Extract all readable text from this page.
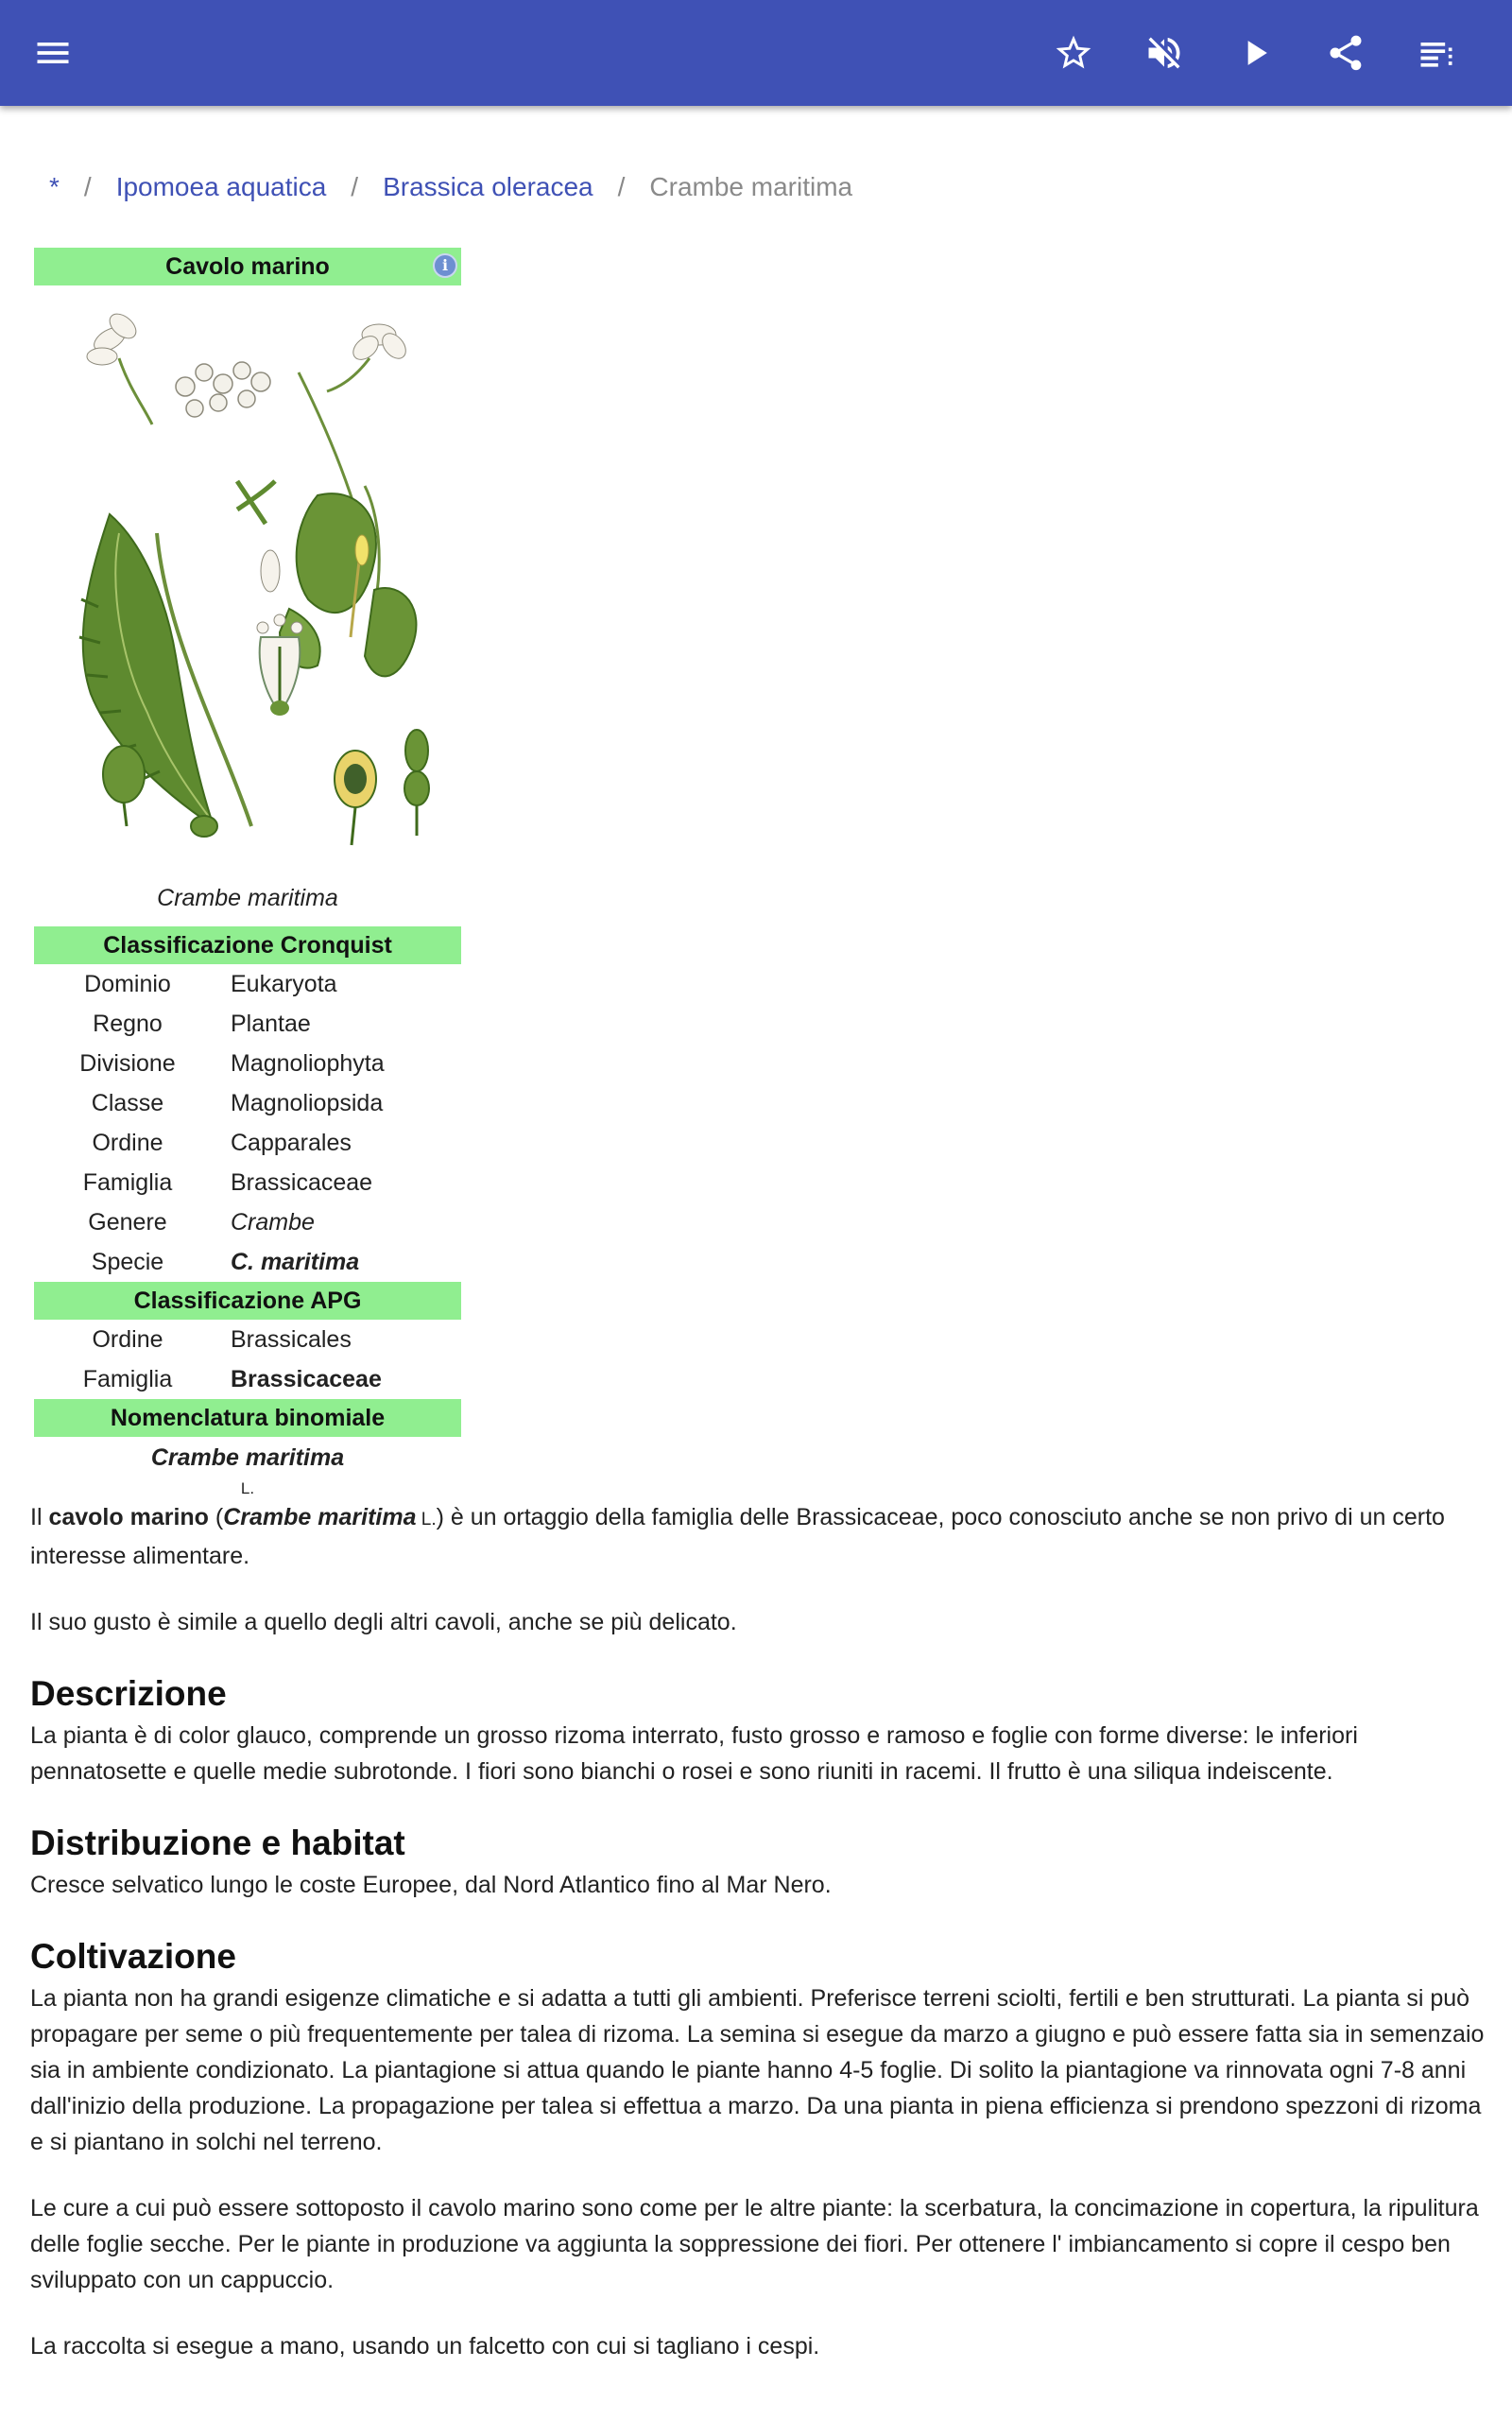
* / Ipomoea aquatica / Brassica oleracea / Crambe maritima
Cavolo marino	i
Crambe maritima
Classificazione Cronquist
Dominio	Eukaryota
Regno	Plantae
Divisione	Magnoliophyta
Classe	Magnoliopsida
Ordine	Capparales
Famiglia	Brassicaceae
Genere	Crambe
Specie	C. maritima
Classificazione APG
Ordine	Brassicales
Famiglia	Brassicaceae
Nomenclatura binomiale
Crambe maritima
L.

Il cavolo marino (Crambe maritima L.) è un ortaggio della famiglia delle Brassicaceae, poco conosciuto anche se non privo di un certo interesse alimentare.

Il suo gusto è simile a quello degli altri cavoli, anche se più delicato.

Descrizione

La pianta è di color glauco, comprende un grosso rizoma interrato, fusto grosso e ramoso e foglie con forme diverse: le inferiori pennatosette e quelle medie subrotonde. I fiori sono bianchi o rosei e sono riuniti in racemi. Il frutto è una siliqua indeiscente.

Distribuzione e habitat

Cresce selvatico lungo le coste Europee, dal Nord Atlantico fino al Mar Nero.

Coltivazione

La pianta non ha grandi esigenze climatiche e si adatta a tutti gli ambienti. Preferisce terreni sciolti, fertili e ben strutturati. La pianta si può propagare per seme o più frequentemente per talea di rizoma. La semina si esegue da marzo a giugno e può essere fatta sia in semenzaio sia in ambiente condizionato. La piantagione si attua quando le piante hanno 4-5 foglie. Di solito la piantagione va rinnovata ogni 7-8 anni dall'inizio della produzione. La propagazione per talea si effettua a marzo. Da una pianta in piena efficienza si prendono spezzoni di rizoma e si piantano in solchi nel terreno.

Le cure a cui può essere sottoposto il cavolo marino sono come per le altre piante: la scerbatura, la concimazione in copertura, la ripulitura delle foglie secche. Per le piante in produzione va aggiunta la soppressione dei fiori. Per ottenere l' imbiancamento si copre il cespo ben sviluppato con un cappuccio.

La raccolta si esegue a mano, usando un falcetto con cui si tagliano i cespi.
